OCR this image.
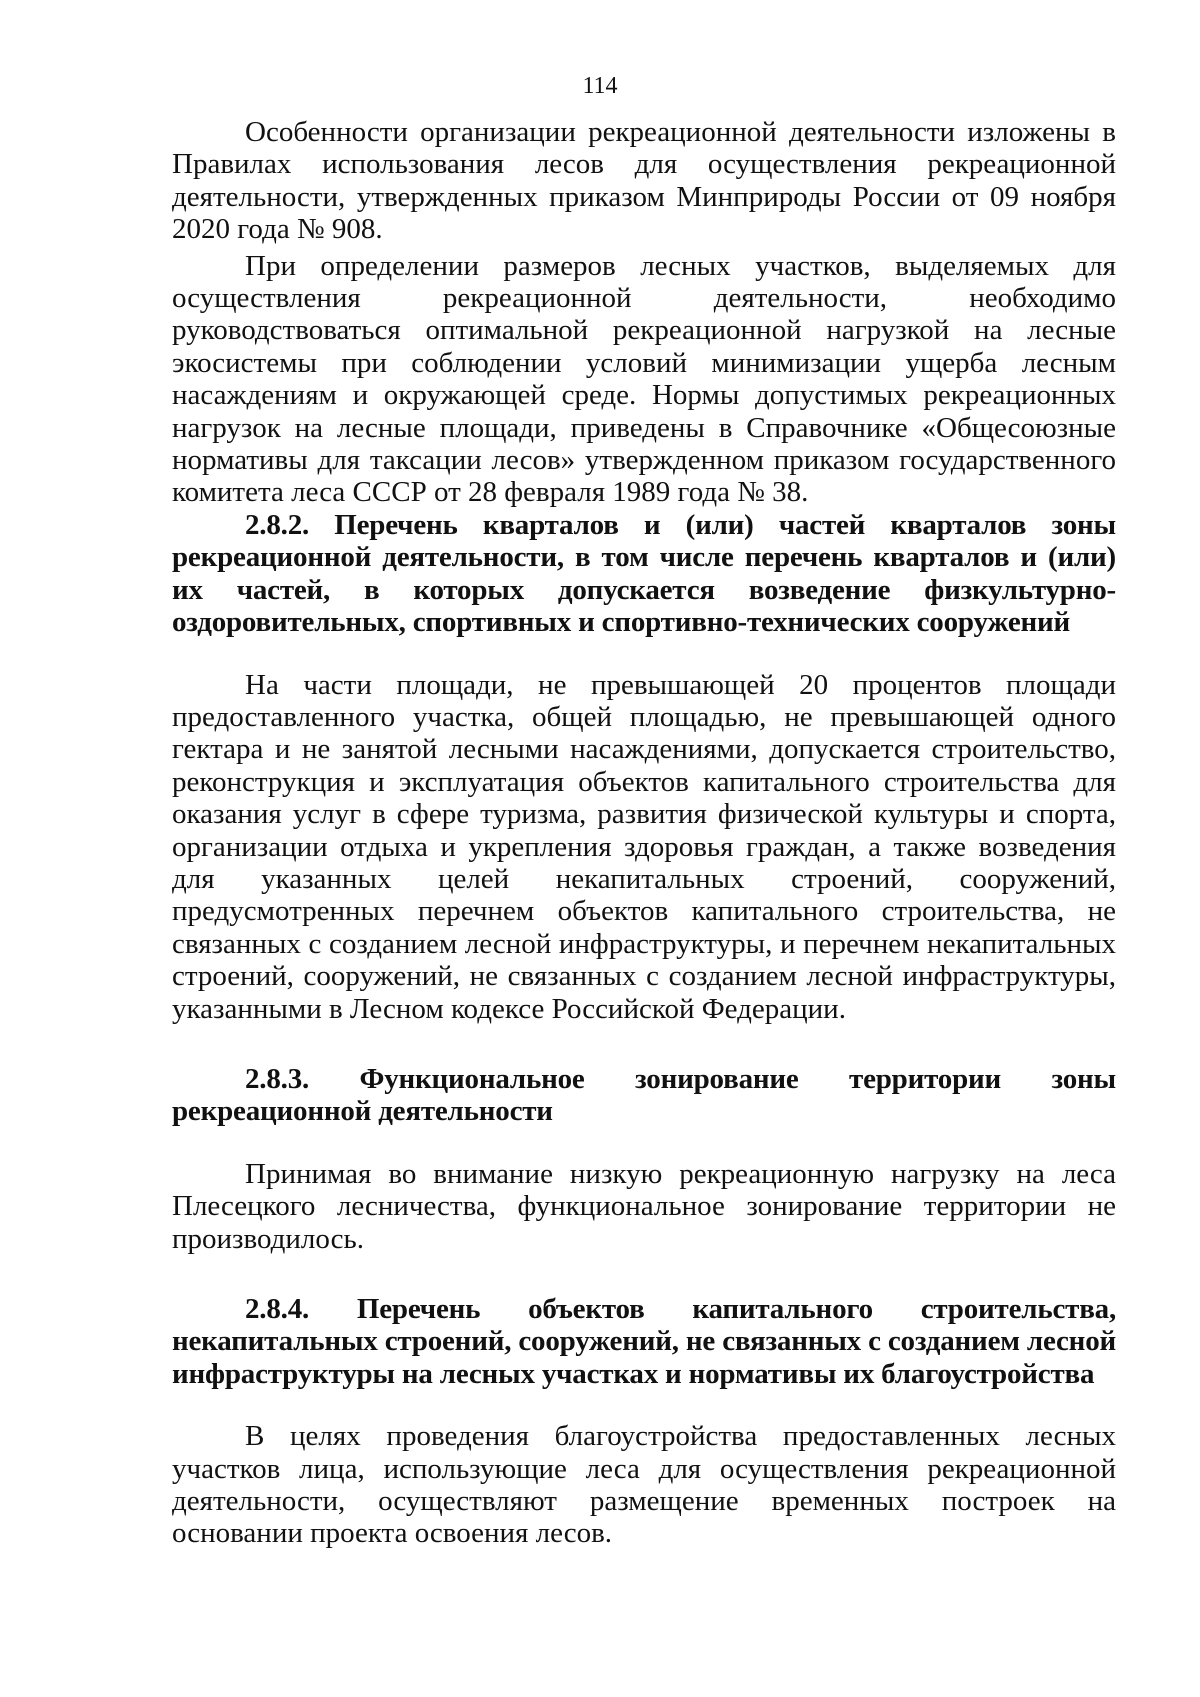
114

Особенности организации рекреационной деятельности изложены в Правилах использования лесов для осуществления рекреационной деятельности, утвержденных приказом Минприроды России от 09 ноября 2020 года № 908.

При определении размеров лесных участков, выделяемых для осуществления рекреационной деятельности, необходимо руководствоваться оптимальной рекреационной нагрузкой на лесные экосистемы при соблюдении условий минимизации ущерба лесным насаждениям и окружающей среде. Нормы допустимых рекреационных нагрузок на лесные площади, приведены в Справочнике «Общесоюзные нормативы для таксации лесов» утвержденном приказом государственного комитета леса СССР от 28 февраля 1989 года № 38.

2.8.2. Перечень кварталов и (или) частей кварталов зоны рекреационной деятельности, в том числе перечень кварталов и (или) их частей, в которых допускается возведение физкультурно-оздоровительных, спортивных и спортивно-технических сооружений

На части площади, не превышающей 20 процентов площади предоставленного участка, общей площадью, не превышающей одного гектара и не занятой лесными насаждениями, допускается строительство, реконструкция и эксплуатация объектов капитального строительства для оказания услуг в сфере туризма, развития физической культуры и спорта, организации отдыха и укрепления здоровья граждан, а также возведения для указанных целей некапитальных строений, сооружений, предусмотренных перечнем объектов капитального строительства, не связанных с созданием лесной инфраструктуры, и перечнем некапитальных строений, сооружений, не связанных с созданием лесной инфраструктуры, указанными в Лесном кодексе Российской Федерации.

2.8.3. Функциональное зонирование территории зоны рекреационной деятельности

Принимая во внимание низкую рекреационную нагрузку на леса Плесецкого лесничества, функциональное зонирование территории не производилось.

2.8.4. Перечень объектов капитального строительства, некапитальных строений, сооружений, не связанных с созданием лесной инфраструктуры на лесных участках и нормативы их благоустройства

В целях проведения благоустройства предоставленных лесных участков лица, использующие леса для осуществления рекреационной деятельности, осуществляют размещение временных построек на основании проекта освоения лесов.
